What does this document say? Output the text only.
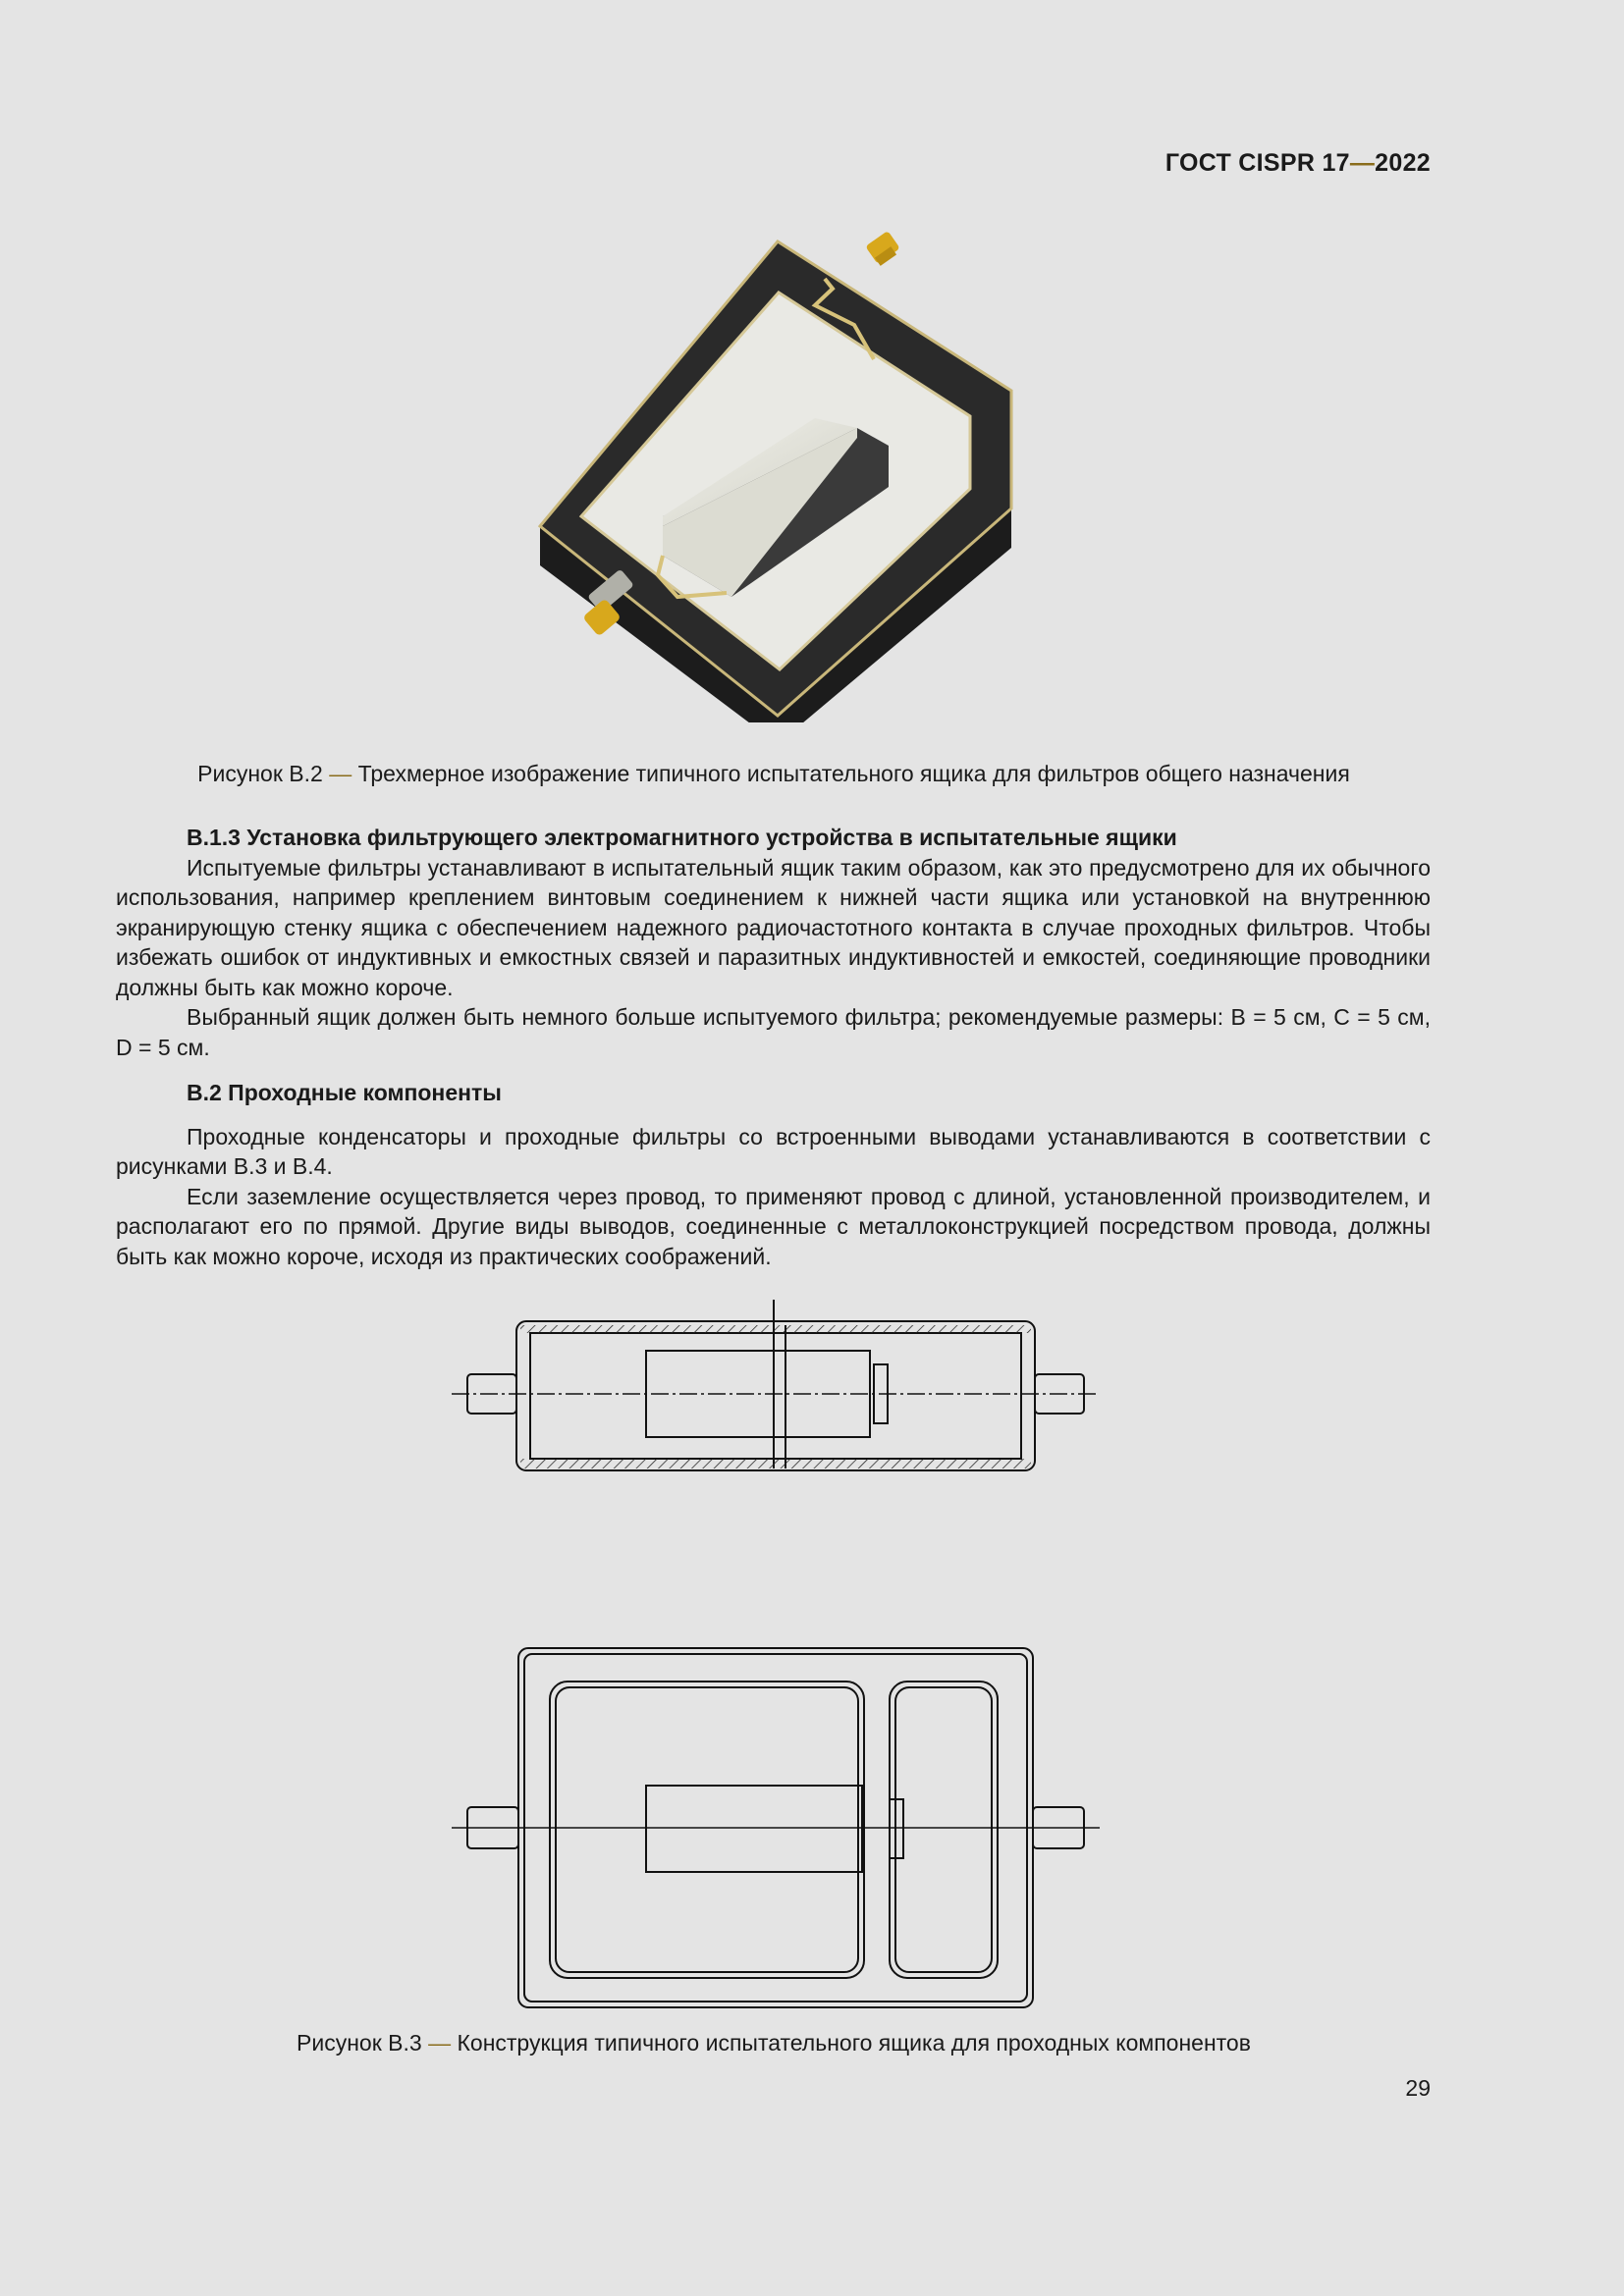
ГОСТ CISPR 17—2022
Рисунок В.2 — Трехмерное изображение типичного испытательного ящика для фильтров общего назначения

В.1.3 Установка фильтрующего электромагнитного устройства в испытательные ящики

Испытуемые фильтры устанавливают в испытательный ящик таким образом, как это предусмотрено для их обычного использования, например креплением винтовым соединением к нижней части ящика или установкой на внутреннюю экранирующую стенку ящика с обеспечением надежного радиочастотного контакта в случае проходных фильтров. Чтобы избежать ошибок от индуктивных и емкостных связей и паразитных индуктивностей и емкостей, соединяющие проводники должны быть как можно короче.

Выбранный ящик должен быть немного больше испытуемого фильтра; рекомендуемые размеры: В = 5 см, С = 5 см, D = 5 см.

В.2 Проходные компоненты

Проходные конденсаторы и проходные фильтры со встроенными выводами устанавливаются в соответствии с рисунками В.3 и В.4.

Если заземление осуществляется через провод, то применяют провод с длиной, установленной производителем, и располагают его по прямой. Другие виды выводов, соединенные с металлоконструкцией посредством провода, должны быть как можно короче, исходя из практических соображений.

Рисунок В.3 — Конструкция типичного испытательного ящика для проходных компонентов
29
